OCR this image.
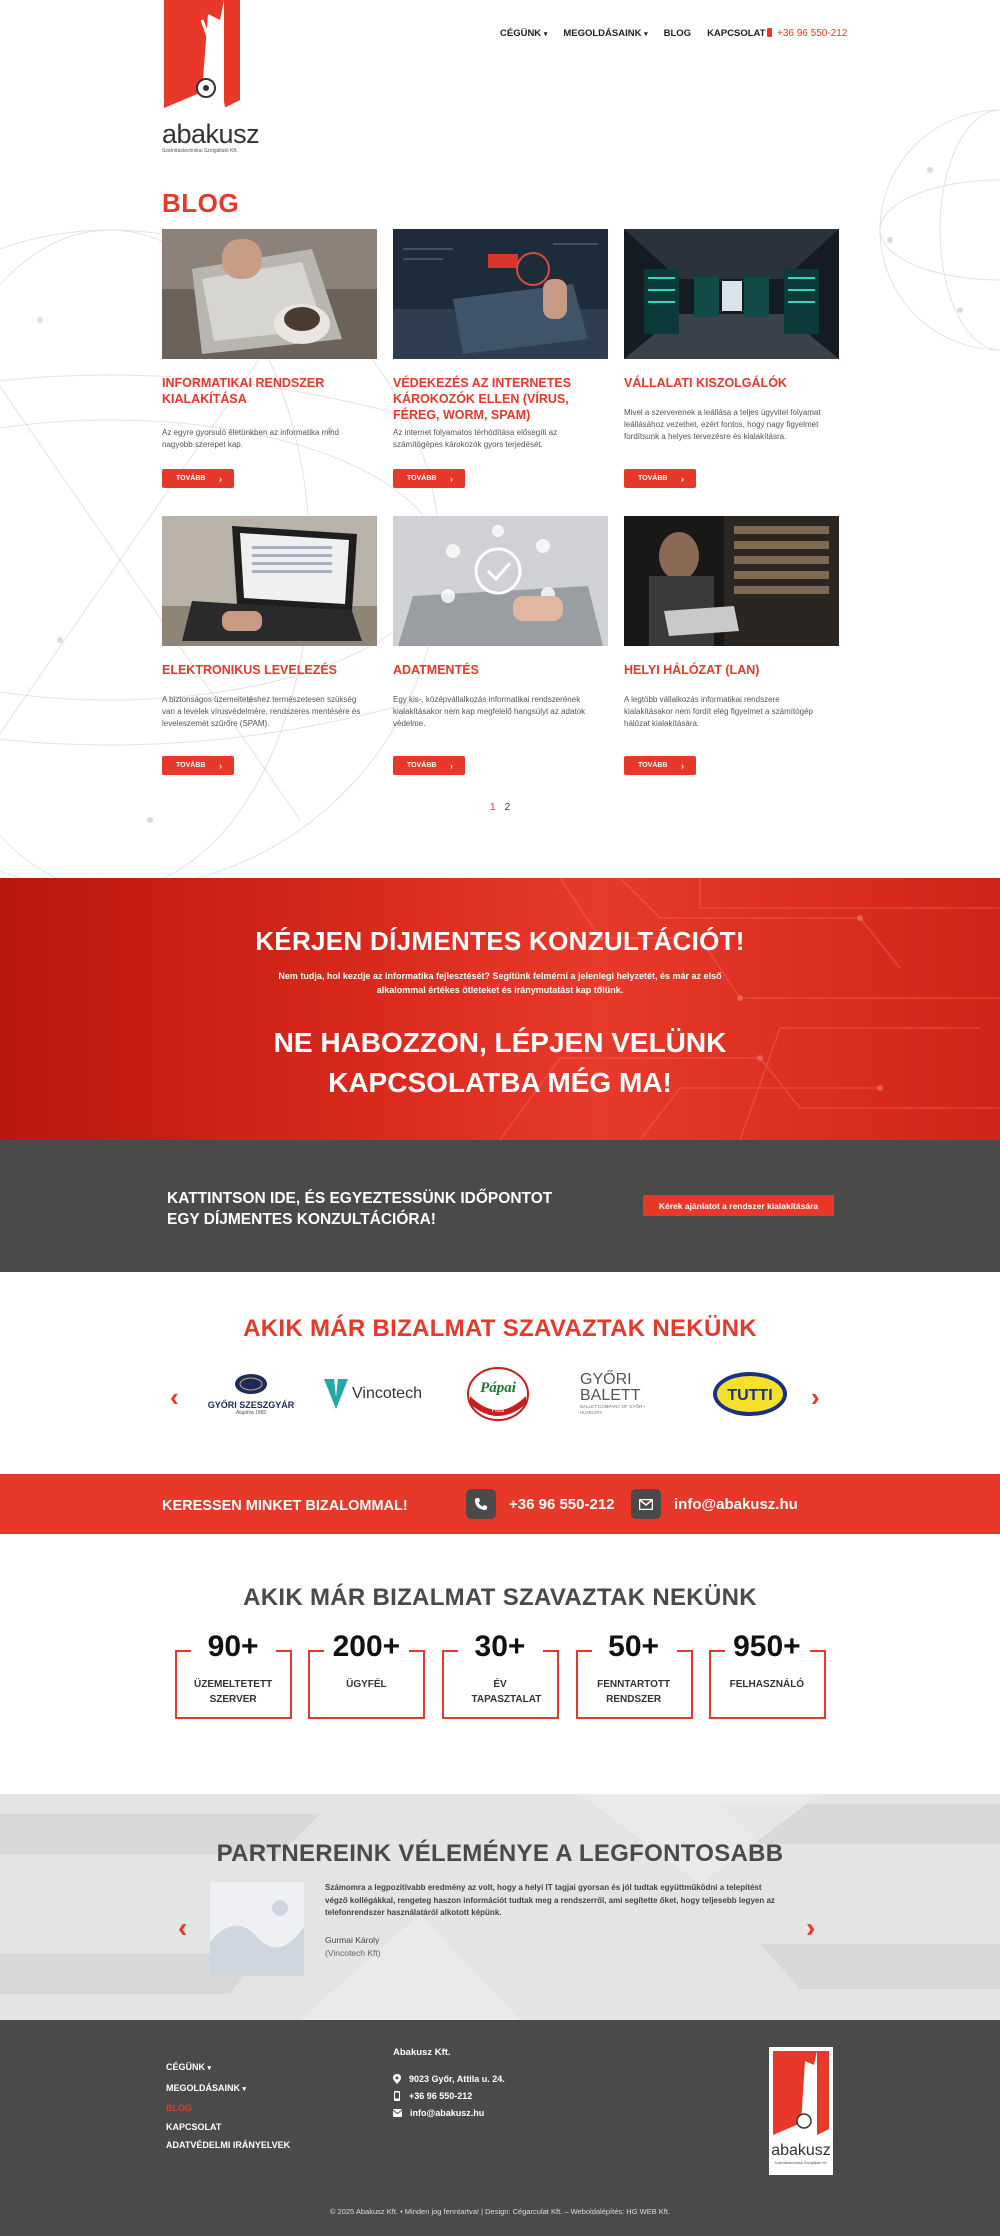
abakusz
Számítástechnikai Szolgáltató Kft.
CÉGÜNK ▾ MEGOLDÁSAINK ▾ BLOG KAPCSOLAT	+36 96 550-212
BLOG
INFORMATIKAI RENDSZER KIALAKÍTÁSA
Az egyre gyorsuló életünkben az informatika mind nagyobb szerepet kap.
TOVÁBB ›
VÉDEKEZÉS AZ INTERNETES KÁROKOZÓK ELLEN (VÍRUS, FÉREG, WORM, SPAM)
Az internet folyamatos térhódítása elősegíti az számítógépes károkozók gyors terjedését.
TOVÁBB ›
VÁLLALATI KISZOLGÁLÓK
Mivel a szerverenek a leállása a teljes ügyvitel folyamat leállásához vezethet, ezért fontos, hogy nagy figyelmet fordítsunk a helyes tervezésre és kialakításra.
TOVÁBB ›
ELEKTRONIKUS LEVELEZÉS
A biztonságos üzemeltetéshez természetesen szükség van a levelek vírusvédelmére, rendszeres mentésére és leveleszemét szűrőre (SPAM).
TOVÁBB ›
ADATMENTÉS
Egy kis-, középvállalkozás informatikai rendszerének kialakításakor nem kap megfelelő hangsúlyt az adatok védelme.
TOVÁBB ›
HELYI HÁLÓZAT (LAN)
A legtöbb vállalkozás informatikai rendszere kialakításakor nem fordít elég figyelmet a számítógép hálózat kialakítására.
TOVÁBB ›
1 2
KÉRJEN DÍJMENTES KONZULTÁCIÓT!

Nem tudja, hol kezdje az informatika fejlesztését? Segítünk felmérni a jelenlegi helyzetét, és már az első alkalommal értékes ötleteket és iránymutatást kap tőlünk.

NE HABOZZON, LÉPJEN VELÜNK KAPCSOLATBA MÉG MA!
KATTINTSON IDE, ÉS EGYEZTESSÜNK IDŐPONTOT EGY DÍJMENTES KONZULTÁCIÓRA!
Kérek ajánlatot a rendszer kialakítására
AKIK MÁR BIZALMAT SZAVAZTAK NEKÜNK
‹	GYŐRI SZESZGYÁR
Alapítva 1882
Vincotech	Pápai
Hús
GYŐRI BALETT
BALLET COMPANY OF GYŐR • HUNGARY
TUTTI ›
KERESSEN MINKET BIZALOMMAL!	+36 96 550-212	info@abakusz.hu
AKIK MÁR BIZALMAT SZAVAZTAK NEKÜNK
90+
ÜZEMELTETETT SZERVER
200+
ÜGYFÉL
30+
ÉV TAPASZTALAT
50+
FENNTARTOTT RENDSZER
950+
FELHASZNÁLÓ
PARTNEREINK VÉLEMÉNYE A LEGFONTOSABB
‹
Számomra a legpozitívabb eredmény az volt, hogy a helyi IT tagjai gyorsan és jól tudtak együttműködni a telepítést végző kollégákkal, rengeteg haszon információt tudtak meg a rendszerről, ami segítette őket, hogy teljesebb legyen az telefonrendszer használatáról alkotott képünk.
Gurmai Károly
(Vincotech Kft)
›
CÉGÜNK ▾
MEGOLDÁSAINK ▾
BLOG
KAPCSOLAT
ADATVÉDELMI IRÁNYELVEK
Abakusz Kft.
9023 Győr, Attila u. 24.
+36 96 550-212
info@abakusz.hu
abakusz
Számítástechnikai Szolgáltató Kft.
© 2025 Abakusz Kft. • Minden jog fenntartva! | Design: Cégarculat Kft. – Weboldalépítés: HG WEB Kft.
